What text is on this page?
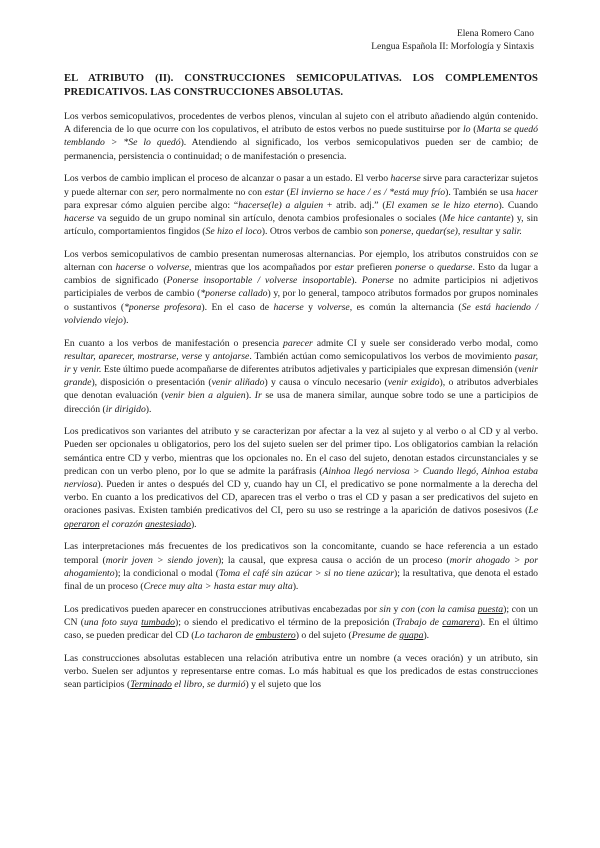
Elena Romero Cano
Lengua Española II: Morfología y Sintaxis
EL ATRIBUTO (II). CONSTRUCCIONES SEMICOPULATIVAS. LOS COMPLEMENTOS PREDICATIVOS. LAS CONSTRUCCIONES ABSOLUTAS.

Los verbos semicopulativos, procedentes de verbos plenos, vinculan al sujeto con el atributo añadiendo algún contenido. A diferencia de lo que ocurre con los copulativos, el atributo de estos verbos no puede sustituirse por lo (Marta se quedó temblando > *Se lo quedó). Atendiendo al significado, los verbos semicopulativos pueden ser de cambio; de permanencia, persistencia o continuidad; o de manifestación o presencia.

Los verbos de cambio implican el proceso de alcanzar o pasar a un estado. El verbo hacerse sirve para caracterizar sujetos y puede alternar con ser, pero normalmente no con estar (El invierno se hace / es / *está muy frío). También se usa hacer para expresar cómo alguien percibe algo: “hacerse(le) a alguien + atrib. adj.” (El examen se le hizo eterno). Cuando hacerse va seguido de un grupo nominal sin artículo, denota cambios profesionales o sociales (Me hice cantante) y, sin artículo, comportamientos fingidos (Se hizo el loco). Otros verbos de cambio son ponerse, quedar(se), resultar y salir.

Los verbos semicopulativos de cambio presentan numerosas alternancias. Por ejemplo, los atributos construidos con se alternan con hacerse o volverse, mientras que los acompañados por estar prefieren ponerse o quedarse. Esto da lugar a cambios de significado (Ponerse insoportable / volverse insoportable). Ponerse no admite participios ni adjetivos participiales de verbos de cambio (*ponerse callado) y, por lo general, tampoco atributos formados por grupos nominales o sustantivos (*ponerse profesora). En el caso de hacerse y volverse, es común la alternancia (Se está haciendo / volviendo viejo).

En cuanto a los verbos de manifestación o presencia parecer admite CI y suele ser considerado verbo modal, como resultar, aparecer, mostrarse, verse y antojarse. También actúan como semicopulativos los verbos de movimiento pasar, ir y venir. Este último puede acompañarse de diferentes atributos adjetivales y participiales que expresan dimensión (venir grande), disposición o presentación (venir aliñado) y causa o vínculo necesario (venir exigido), o atributos adverbiales que denotan evaluación (venir bien a alguien). Ir se usa de manera similar, aunque sobre todo se une a participios de dirección (ir dirigido).

Los predicativos son variantes del atributo y se caracterizan por afectar a la vez al sujeto y al verbo o al CD y al verbo. Pueden ser opcionales u obligatorios, pero los del sujeto suelen ser del primer tipo. Los obligatorios cambian la relación semántica entre CD y verbo, mientras que los opcionales no. En el caso del sujeto, denotan estados circunstanciales y se predican con un verbo pleno, por lo que se admite la paráfrasis (Ainhoa llegó nerviosa > Cuando llegó, Ainhoa estaba nerviosa). Pueden ir antes o después del CD y, cuando hay un CI, el predicativo se pone normalmente a la derecha del verbo. En cuanto a los predicativos del CD, aparecen tras el verbo o tras el CD y pasan a ser predicativos del sujeto en oraciones pasivas. Existen también predicativos del CI, pero su uso se restringe a la aparición de dativos posesivos (Le operaron el corazón anestesiado).

Las interpretaciones más frecuentes de los predicativos son la concomitante, cuando se hace referencia a un estado temporal (morir joven > siendo joven); la causal, que expresa causa o acción de un proceso (morir ahogado > por ahogamiento); la condicional o modal (Toma el café sin azúcar > si no tiene azúcar); la resultativa, que denota el estado final de un proceso (Crece muy alta > hasta estar muy alta).

Los predicativos pueden aparecer en construcciones atributivas encabezadas por sin y con (con la camisa puesta); con un CN (una foto suya tumbado); o siendo el predicativo el término de la preposición (Trabajo de camarera). En el último caso, se pueden predicar del CD (Lo tacharon de embustero) o del sujeto (Presume de guapa).

Las construcciones absolutas establecen una relación atributiva entre un nombre (a veces oración) y un atributo, sin verbo. Suelen ser adjuntos y representarse entre comas. Lo más habitual es que los predicados de estas construcciones sean participios (Terminado el libro, se durmió) y el sujeto que los
